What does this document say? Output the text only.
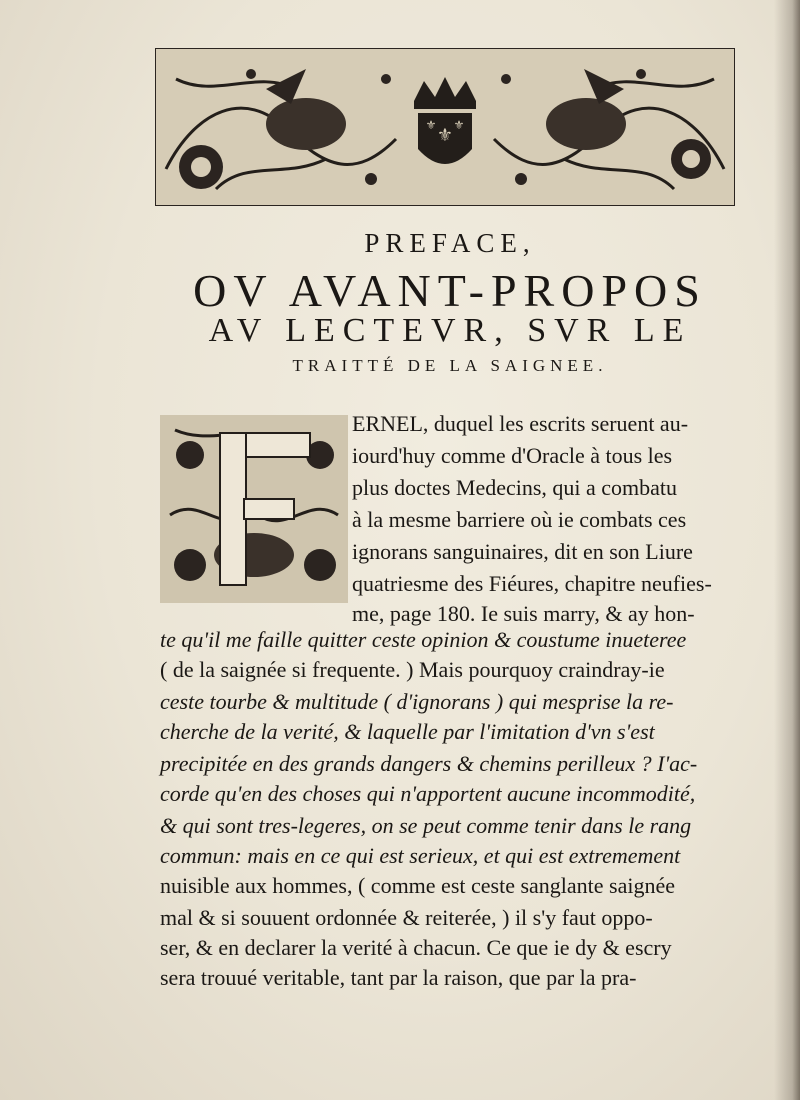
⚜
⚜ ⚜
PREFACE,
OV AVANT-PROPOS
AV LECTEVR, SVR LE
TRAITTÉ DE LA SAIGNEE.
ERNEL, duquel les escrits seruent au-
iourd'huy comme d'Oracle à tous les
plus doctes Medecins, qui a combatu
à la mesme barriere où ie combats ces
ignorans sanguinaires, dit en son Liure
quatriesme des Fiéures, chapitre neufies-
me, page 180. Ie suis marry, & ay hon-
te qu'il me faille quitter ceste opinion & coustume inueteree
( de la saignée si frequente. ) Mais pourquoy craindray-ie
ceste tourbe & multitude ( d'ignorans ) qui mesprise la re-
cherche de la verité, & laquelle par l'imitation d'vn s'est
precipitée en des grands dangers & chemins perilleux ? I'ac-
corde qu'en des choses qui n'apportent aucune incommodité,
& qui sont tres-legeres, on se peut comme tenir dans le rang
commun: mais en ce qui est serieux, et qui est extremement
nuisible aux hommes, ( comme est ceste sanglante saignée
mal & si souuent ordonnée & reiterée, ) il s'y faut oppo-
ser, & en declarer la verité à chacun. Ce que ie dy & escry
sera trouué veritable, tant par la raison, que par la pra-
